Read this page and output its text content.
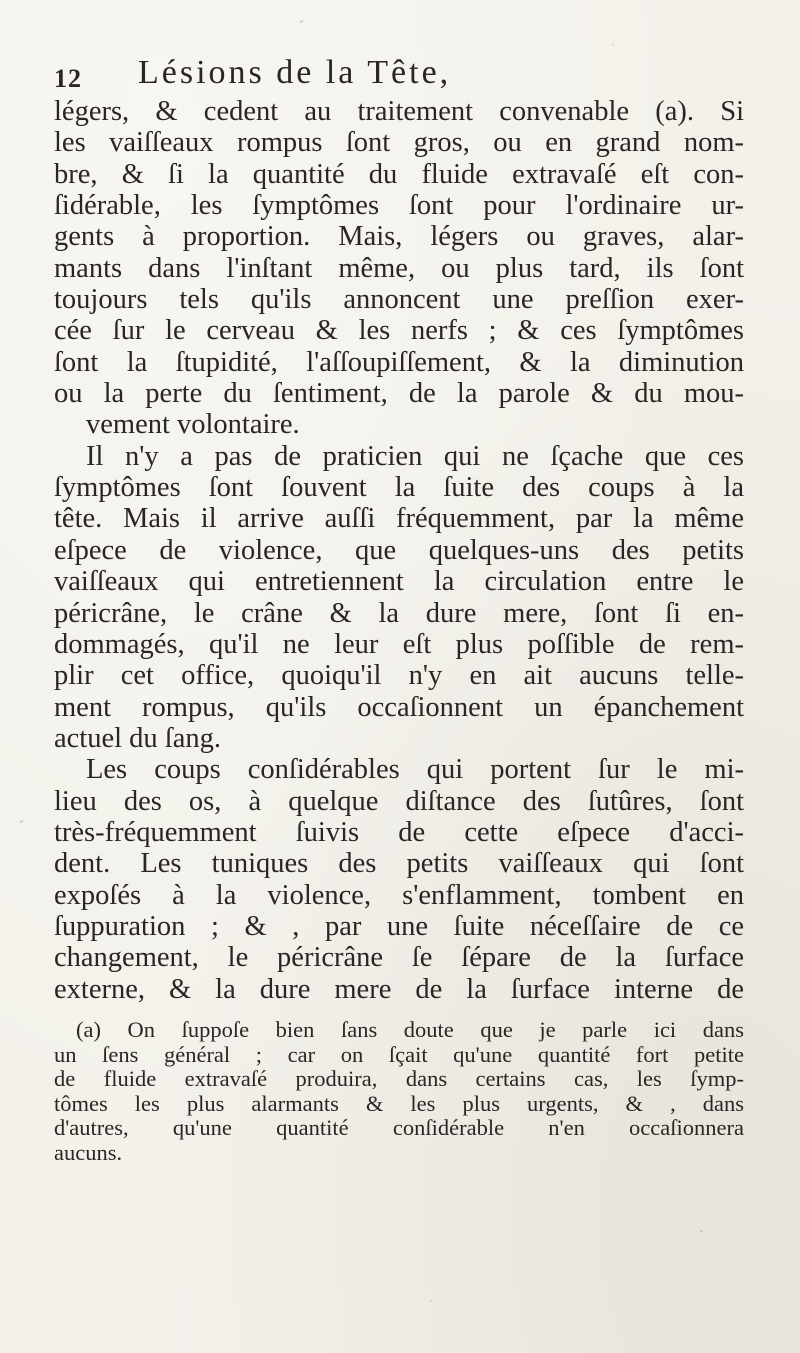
12 Lésions de la Tête,
légers, & cedent au traitement convenable (a). Si
les vaiſſeaux rompus ſont gros, ou en grand nom-
bre, & ſi la quantité du fluide extravaſé eſt con-
ſidérable, les ſymptômes ſont pour l'ordinaire ur-
gents à proportion. Mais, légers ou graves, alar-
mants dans l'inſtant même, ou plus tard, ils ſont
toujours tels qu'ils annoncent une preſſion exer-
cée ſur le cerveau & les nerfs ; & ces ſymptômes
ſont la ſtupidité, l'aſſoupiſſement, & la diminution
ou la perte du ſentiment, de la parole & du mou-
vement volontaire.
Il n'y a pas de praticien qui ne ſçache que ces
ſymptômes ſont ſouvent la ſuite des coups à la
tête. Mais il arrive auſſi fréquemment, par la même
eſpece de violence, que quelques-uns des petits
vaiſſeaux qui entretiennent la circulation entre le
péricrâne, le crâne & la dure mere, ſont ſi en-
dommagés, qu'il ne leur eſt plus poſſible de rem-
plir cet office, quoiqu'il n'y en ait aucuns telle-
ment rompus, qu'ils occaſionnent un épanchement
actuel du ſang.
Les coups conſidérables qui portent ſur le mi-
lieu des os, à quelque diſtance des ſutûres, ſont
très-fréquemment ſuivis de cette eſpece d'acci-
dent. Les tuniques des petits vaiſſeaux qui ſont
expoſés à la violence, s'enflamment, tombent en
ſuppuration ; & , par une ſuite néceſſaire de ce
changement, le péricrâne ſe ſépare de la ſurface
externe, & la dure mere de la ſurface interne de
(a) On ſuppoſe bien ſans doute que je parle ici dans
un ſens général ; car on ſçait qu'une quantité fort petite
de fluide extravaſé produira, dans certains cas, les ſymp-
tômes les plus alarmants & les plus urgents, & , dans
d'autres, qu'une quantité conſidérable n'en occaſionnera
aucuns.
